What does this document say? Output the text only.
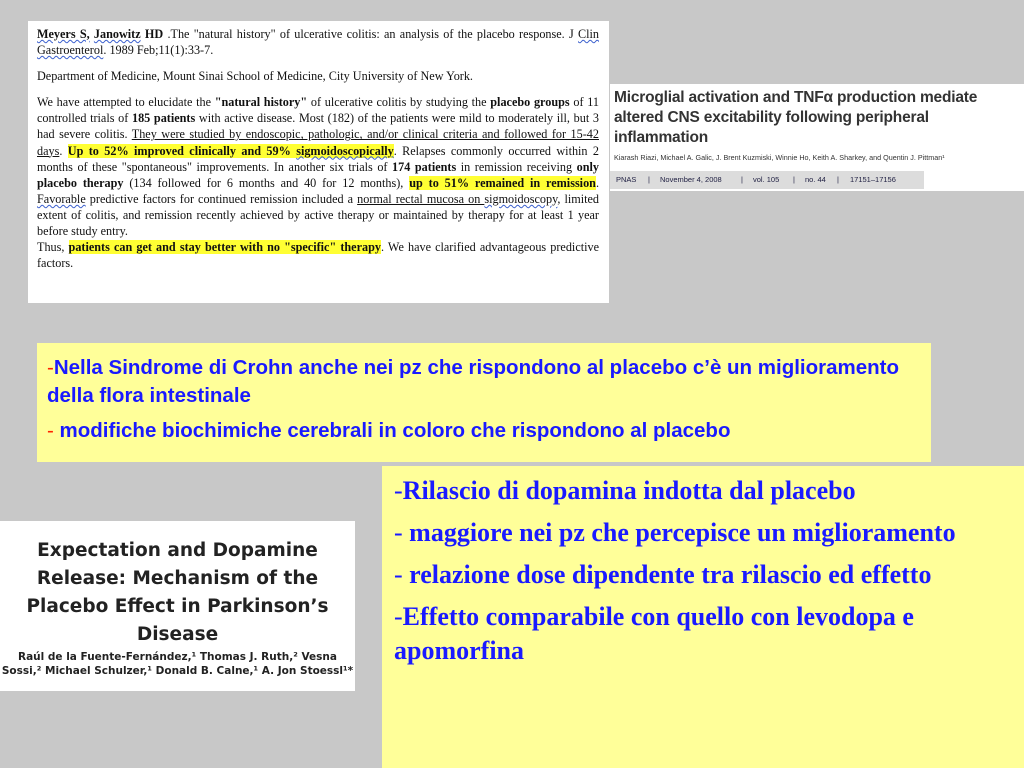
Meyers S, Janowitz HD .The "natural history" of ulcerative colitis: an analysis of the placebo response. J Clin Gastroenterol. 1989 Feb;11(1):33-7.

Department of Medicine, Mount Sinai School of Medicine, City University of New York.

We have attempted to elucidate the "natural history" of ulcerative colitis by studying the placebo groups of 11 controlled trials of 185 patients with active disease. Most (182) of the patients were mild to moderately ill, but 3 had severe colitis. They were studied by endoscopic, pathologic, and/or clinical criteria and followed for 15-42 days. Up to 52% improved clinically and 59% sigmoidoscopically. Relapses commonly occurred within 2 months of these "spontaneous" improvements. In another six trials of 174 patients in remission receiving only placebo therapy (134 followed for 6 months and 40 for 12 months), up to 51% remained in remission. Favorable predictive factors for continued remission included a normal rectal mucosa on sigmoidoscopy, limited extent of colitis, and remission recently achieved by active therapy or maintained by therapy for at least 1 year before study entry.

Thus, patients can get and stay better with no "specific" therapy. We have clarified advantageous predictive factors.

Microglial activation and TNFα production mediate altered CNS excitability following peripheral inflammation
Kiarash Riazi, Michael A. Galic, J. Brent Kuzmiski, Winnie Ho, Keith A. Sharkey, and Quentin J. Pittman¹
PNAS | November 4, 2008	| vol. 105 | no. 44 | 17151–17156
-Nella Sindrome di Crohn anche nei pz che rispondono al placebo c’è un miglioramento della flora intestinale
- modifiche biochimiche cerebrali in coloro che rispondono al placebo
-Rilascio di dopamina indotta dal placebo
- maggiore nei pz che percepisce un miglioramento
- relazione dose dipendente tra rilascio ed effetto
-Effetto comparabile con quello con levodopa e apomorfina
Expectation and Dopamine Release: Mechanism of the Placebo Effect in Parkinson’s Disease
Raúl de la Fuente-Fernández,¹ Thomas J. Ruth,² Vesna Sossi,² Michael Schulzer,¹ Donald B. Calne,¹ A. Jon Stoessl¹*
